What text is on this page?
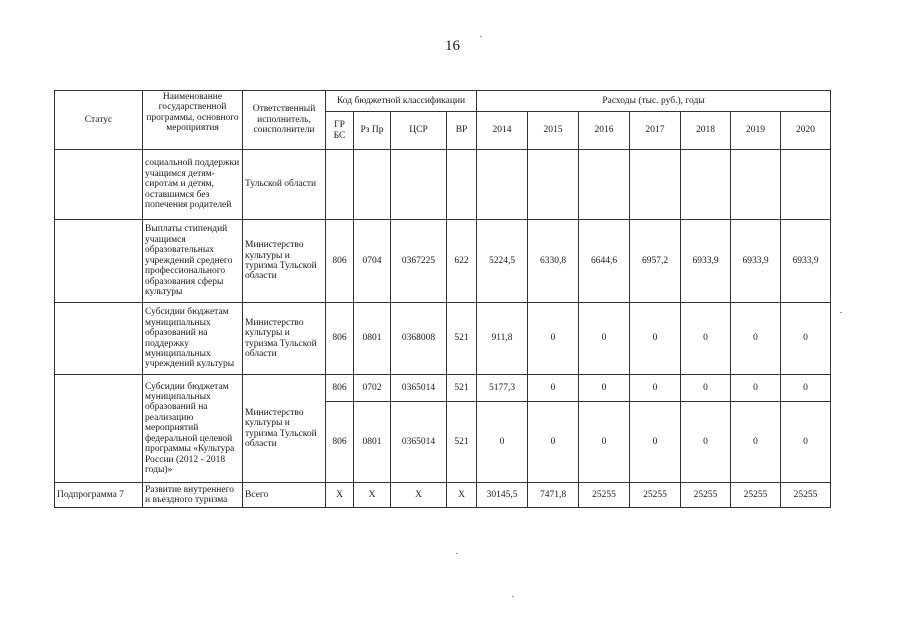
16
Статус	Наименование государственной программы, основного мероприятия	Ответственный исполнитель, соисполнители	Код бюджетной классификации				Расходы (тыс. руб.), годы						
			ГР БС	Рз Пр	ЦСР	ВР	2014	2015	2016	2017	2018	2019	2020
	социальной поддержки учащимся детям-сиротам и детям, оставшимся без попечения родителей	Тульской области											
	Выплаты стипендий учащимся образовательных учреждений среднего профессионального образования сферы культуры	Министерство культуры и туризма Тульской области	806	0704	0367225	622	5224,5	6330,8	6644,6	6957,2	6933,9	6933,9	6933,9
	Субсидии бюджетам муниципальных образований на поддержку муниципальных учреждений культуры	Министерство культуры и туризма Тульской области	806	0801	0368008	521	911,8	0	0	0	0	0	0
	Субсидии бюджетам муниципальных образований на реализацию мероприятий федеральной целевой программы «Культура России (2012 - 2018 годы)»	Министерство культуры и туризма Тульской области	806	0702	0365014	521	5177,3	0	0	0	0	0	0
			806	0801	0365014	521	0	0	0	0	0	0	0
Подпрограмма 7	Развитие внутреннего и въездного туризма	Всего	X	X	X	X	30145,5	7471,8	25255	25255	25255	25255	25255
